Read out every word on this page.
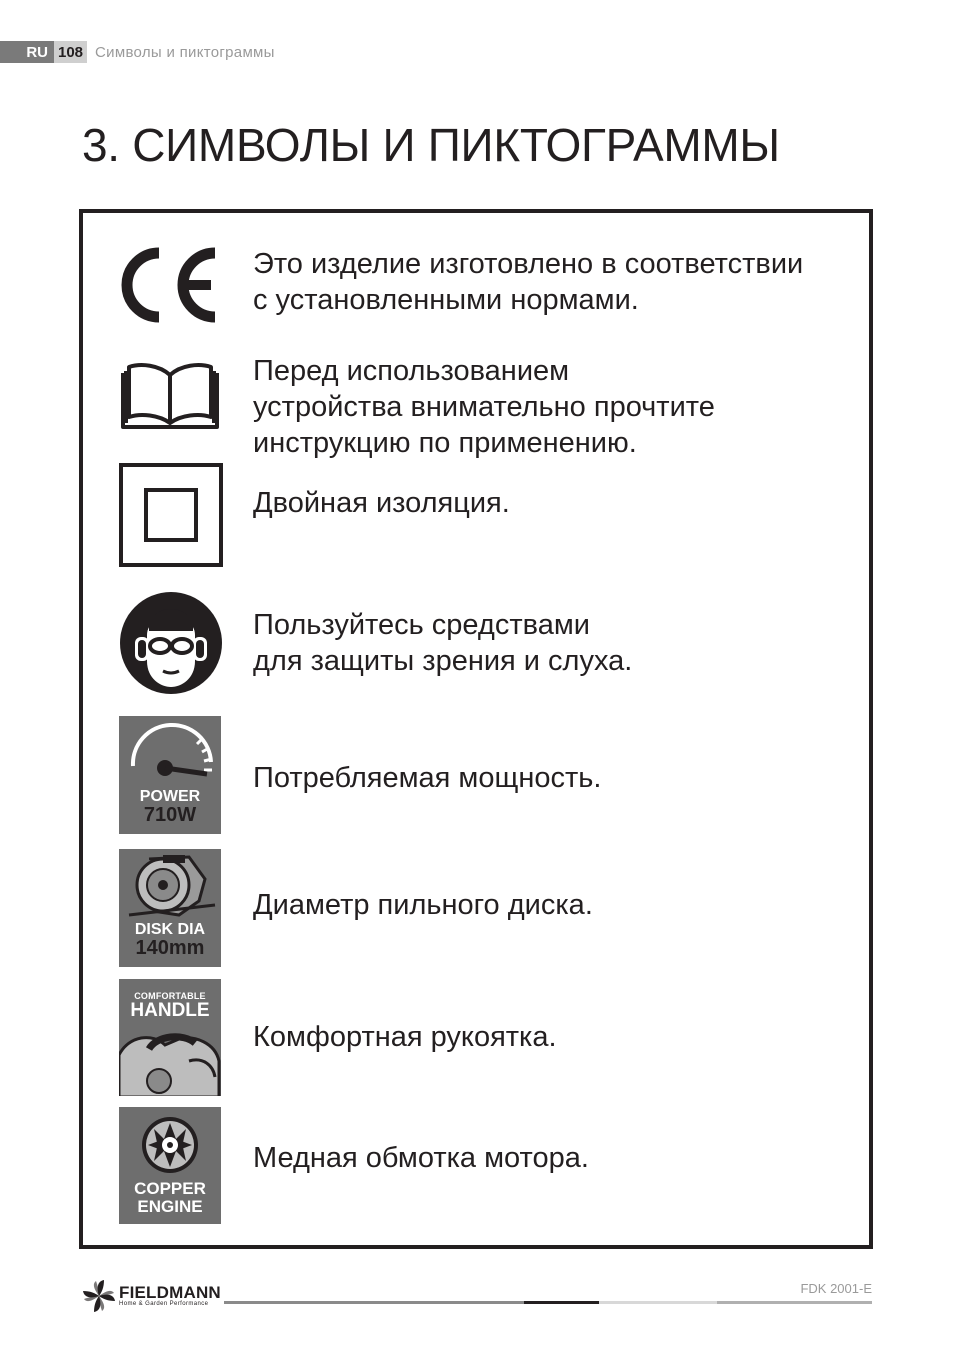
RU 108 Символы и пиктограммы
3. СИМВОЛЫ И ПИКТОГРАММЫ
Это изделие изготовлено в соответствии
с установленными нормами.
Перед использованием
устройства внимательно прочтите
инструкцию по применению.
Двойная изоляция.
Пользуйтесь средствами
для защиты зрения и слуха.
POWER
710W
Потребляемая мощность.
DISK DIA
140mm
Диаметр пильного диска.
COMFORTABLE
HANDLE
Комфортная рукоятка.
COPPER
ENGINE
Медная обмотка мотора.
FIELDMANN
Home & Garden Performance
FDK 2001-E
